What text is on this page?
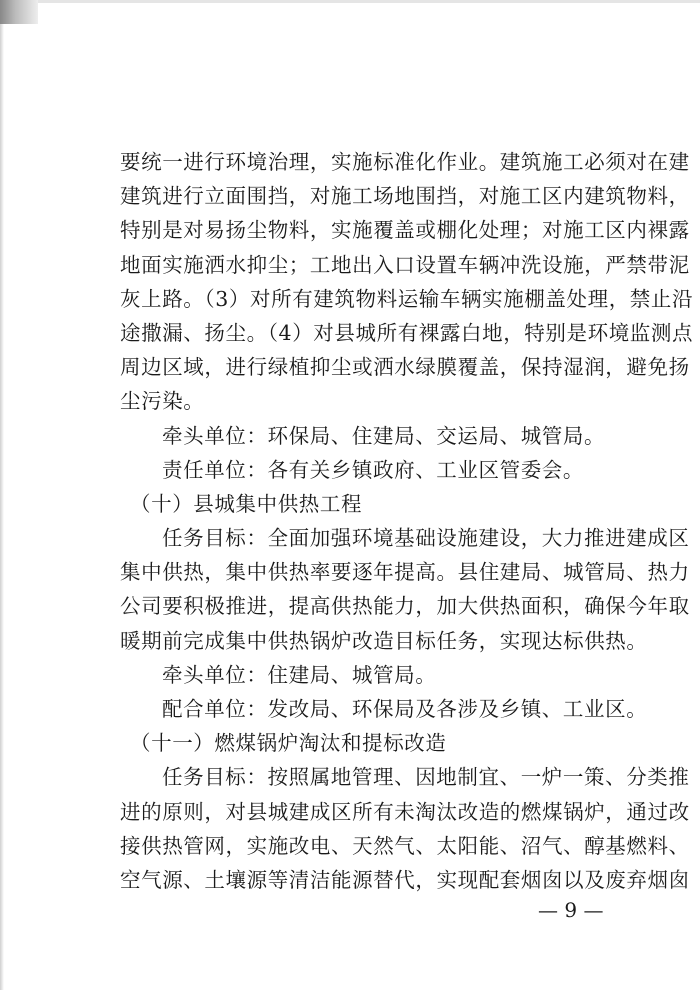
要统一进行环境治理，实施标准化作业。建筑施工必须对在建
建筑进行立面围挡，对施工场地围挡，对施工区内建筑物料，
特别是对易扬尘物料，实施覆盖或棚化处理；对施工区内裸露
地面实施洒水抑尘；工地出入口设置车辆冲洗设施，严禁带泥
灰上路。（3）对所有建筑物料运输车辆实施棚盖处理，禁止沿
途撒漏、扬尘。（4）对县城所有裸露白地，特别是环境监测点
周边区域，进行绿植抑尘或洒水绿膜覆盖，保持湿润，避免扬
尘污染。
牵头单位：环保局、住建局、交运局、城管局。
责任单位：各有关乡镇政府、工业区管委会。
（十）县城集中供热工程
任务目标：全面加强环境基础设施建设，大力推进建成区
集中供热，集中供热率要逐年提高。县住建局、城管局、热力
公司要积极推进，提高供热能力，加大供热面积，确保今年取
暖期前完成集中供热锅炉改造目标任务，实现达标供热。
牵头单位：住建局、城管局。
配合单位：发改局、环保局及各涉及乡镇、工业区。
（十一）燃煤锅炉淘汰和提标改造
任务目标：按照属地管理、因地制宜、一炉一策、分类推
进的原则，对县城建成区所有未淘汰改造的燃煤锅炉，通过改
接供热管网，实施改电、天然气、太阳能、沼气、醇基燃料、
空气源、土壤源等清洁能源替代，实现配套烟囱以及废弃烟囱
— 9 —
